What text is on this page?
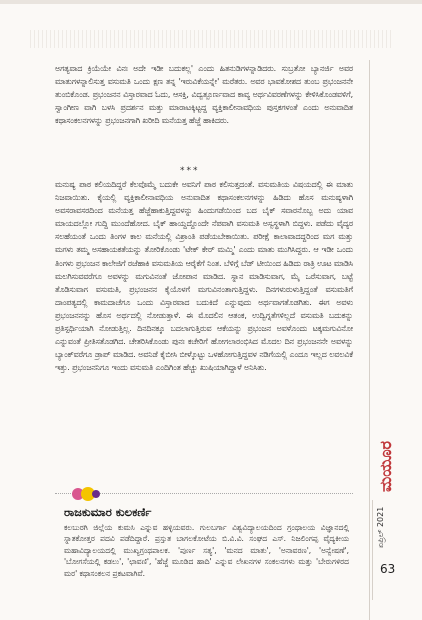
ಅಗತ್ಯವಾದ ಕ್ರಿಯೆಯೇ ವಿನಃ ಅದೇ ಇಡೀ ಬದುಕಲ್ಲ' ಎಂದು ಹಿತನುಡಿಗಳನ್ನಾಡಿದರು. ಸುಬ್ರತೋ ಬ್ಯಾನರ್ಜಿ ಅವರ ಮಾತುಗಳನ್ನಾಲಿಸುತ್ತ ವಸುಮತಿ ಒಂದು ಕ್ಷಣ ತನ್ನ 'ಇರುವಿಕೆಯನ್ನೇ' ಮರೆತರು. ಅವರ ಭಾವಕೋಶದ ತುಂಬ ಪ್ರಭಂಜನನೇ ತುಂಬಿಕೊಂಡ. ಪ್ರಭಂಜನನ ವಿಸ್ತಾರವಾದ ಓದು, ಆಸಕ್ತಿ, ವಿದ್ವತ್ಪೂರ್ಣವಾದ ಕಾವ್ಯ ಅರ್ಥವಿವರಣೆಗಳನ್ನು ಕೇಳಿಸಿಕೊಂಡವಳಿಗೆ, ಸ್ವಾಂಗೀಣ ವಾಗಿ ಬಳಸಿ ಪ್ರದರ್ಶನ ಮತ್ತು ಮಾರಾಟಕ್ಕಿಟ್ಟದ್ದ ವ್ಯಕ್ತಿಕಾಲೀನಾವಧಿಯ ಪುಸ್ತಕಗಳಂತೆ ಎಂದು ಅನುವಾದಿತ ಕಥಾಸಂಕಲನಗಳನ್ನು ಪ್ರಭಂಜನಗಾಗಿ ಖರೀದಿ ಮನೆಯತ್ತ ಹೆಜ್ಜೆ ಹಾಕಿದರು.

***

ಮನುಷ್ಯ ಪಾಠ ಕಲಿಯದಿದ್ದರೆ ಕೆಲವೊಮ್ಮೆ ಬದುಕೇ ಅವನಿಗೆ ಪಾಠ ಕಲಿಸುತ್ತದಂತೆ. ವಸುಮತಿಯ ವಿಷಯದಲ್ಲಿ ಈ ಮಾತು ನಿಜವಾಯಿತು. ಕೈಯಲ್ಲಿ ವ್ಯಕ್ತಿಕಾಲೀನಾವಧಿಯ ಅನುವಾದಿತ ಕಥಾಸಂಕಲನಗಳನ್ನು ಹಿಡಿದು ಹೊಸ ಮನುಷ್ಯಳಾಗಿ ಅವಸರಾವಸರದಿಂದ ಮನೆಯತ್ತ ಹೆಜ್ಜೆಹಾಕುತ್ತಿದ್ದವಳನ್ನು ಹಿಂದುಗಡೆಯಿಂದ ಬದ ಬೈಕ್ ಸವಾರನೊಬ್ಬ ಅದು ಯಾವ ಮಾಯದಲ್ಲೋ ಗುದ್ದಿ ಮುಂದೆಹೋದ. ಬೈಕ್ ಹಾಯ್ದದ್ದೊಂದೇ ನೆಪವಾಗಿ ವಸುಮತಿ ಅಸ್ವಸ್ಥಳಾಗಿ ಬಿದ್ದಳು. ಪಡೆದು ವೈದ್ಯರ ಸಲಹೆಯಂತೆ ಒಂದು ತಿಂಗಳ ಕಾಲ ಮನೆಯಲ್ಲಿ ವಿಶ್ರಾಂತಿ ಪಡೆಯಬೇಕಾಯಿತು. ಪರೀಕ್ಷೆ ಕಾಲಾವಾದದ್ದರಿಂದ ಮಗ ಮತ್ತು ಮಗಳು ತಮ್ಮ ಅಸಹಾಯಕತೆಯನ್ನು ತೋರಿಕೊಂಡು 'ಟೇಕ್ ಕೇರ್ ಮಮ್ಮಿ' ಎಂದು ಮಾತು ಮುಗಿಸಿದ್ದರು. ಆ ಇಡೀ ಒಂದು ತಿಂಗಳು ಪ್ರಭಂಜನ ಕಾಲೇಜಿಗೆ ರಜೆಹಾಕಿ ವಸುಮತಿಯ ಆರೈಕೆಗೆ ನಿಂತ. ಬೆಳಿಗ್ಗೆ ಬೆಡ್ ಟೀಯಿಂದ ಹಿಡಿದು ರಾತ್ರಿ ಊಟ ಮಾಡಿಸಿ ಮಲಗಿಸುವವರೆಗೂ ಅವಳನ್ನು ಮಗುವಿನಂತೆ ಜೋಪಾನ ಮಾಡಿದ. ಸ್ನಾನ ಮಾಡಿಸುವಾಗ, ಮೈ ಒರೆಸುವಾಗ, ಬಟ್ಟೆ ತೊಡಿಸುವಾಗ ವಸುಮತಿ, ಪ್ರಭಂಜನನ ಕೈಯೊಳಗೆ ಮಗುವಿನಂತಾಗುತ್ತಿದ್ದಳು. ದಿನಗಳುರುಳುತ್ತಿದ್ದಂತೆ ವಸುಮತಿಗೆ ದಾಂಪತ್ಯದಲ್ಲಿ ಕಾಮದಾಚೆಗೂ ಒಂದು ವಿಸ್ತಾರವಾದ ಬದುಕಿದೆ ಎನ್ನುವುದು ಅರ್ಥವಾಗತೊಡಗಿತು. ಈಗ ಅವಳು ಪ್ರಭಂಜನನನ್ನು ಹೊಸ ಅರ್ಥದಲ್ಲಿ ನೋಡುತ್ತಾಳೆ. ಈ ಮೊದಲಿನ ಆತಂಕ, ಉದ್ವಿಗ್ನತೆಗಳಿಲ್ಲದೆ ವಸುಮತಿ ಬದುಕನ್ನು ಪ್ರತಿಸ್ಪರ್ಧಿಯಾಗಿ ನೋಡುತ್ತಿಲ್ಲ. ದಿನದಿನಕ್ಕೂ ಬದಲಾಗುತ್ತಿರುವ ಆಕೆಯನ್ನು ಪ್ರಭಂಜನ ಅವಳೊಂದು ಟಕ್ಕಮಗುವಿನೋ ಎನ್ನುವಂತೆ ಪ್ರೀತಿಸತೊಡಗಿದ. ಚೇತರಿಸಿಕೊಂಡು ಪುನಃ ಕಚೇರಿಗೆ ಹೋಗಲಾರಂಭಿಸಿದ ಮೊದಲ ದಿನ ಪ್ರಭಂಜನನೇ ಅವಳನ್ನು ಬ್ಯಾಂಕ್‌ವರೆಗೂ ಡ್ರಾಪ್ ಮಾಡಿದ. ಅವನಿಡೆ ಕೈಬೀಸಿ ಬೀಳ್ಕೊಟ್ಟು ಒಳಹೋಗುತ್ತಿದ್ದವಳ ನಡಿಗೆಯಲ್ಲಿ ಎಂದೂ ಇಲ್ಲದ ಲವಲವಿಕೆ ಇತ್ತು. ಪ್ರಭಂಜನನಿಗೂ ಇಂದು ವಸುಮತಿ ಎಂದಿಗಿಂತ ಹೆಚ್ಚು ಖುಷಿಯಾಗಿದ್ದಾಳೆ ಅನಿಸಿತು.

ರಾಜಕುಮಾರ ಕುಲಕರ್ಣಿ

ಕಲಬುರಗಿ ಜಿಲ್ಲೆಯ ಕುಮಸಿ ಎನ್ನುವ ಹಳ್ಳಿಯವರು. ಗುಲಬರ್ಗಾ ವಿಶ್ವವಿದ್ಯಾಲಯದಿಂದ ಗ್ರಂಥಾಲಯ ವಿಜ್ಞಾನದಲ್ಲಿ ಸ್ನಾತಕೋತ್ತರ ಪದವಿ ಪಡೆದಿದ್ದಾರೆ. ಪ್ರಸ್ತುತ ಬಾಗಲಕೋಟೆಯ ಬಿ.ವಿ.ವಿ. ಸಂಘದ ಎಸ್. ನಿಜಲಿಂಗಪ್ಪ ವೈದ್ಯಕೀಯ ಮಹಾವಿದ್ಯಾಲಯದಲ್ಲಿ ಮುಖ್ಯಗ್ರಂಥಪಾಲಕ. 'ಪುರ್ಣ ಸತ್ಯ', 'ಮನದ ಮಾತು', 'ಅನಾವರಣ', 'ಅನ್ವೇಷಣೆ', 'ಬೋಗಸೆಯಲ್ಲಿ ಕಡಲು', 'ಛಾವಣಿ', 'ಹೆಜ್ಜೆ ಮೂಡಿದ ಹಾದಿ' ಎನ್ನುವ ಲೇಖನಗಳ ಸಂಕಲನಗಳು ಮತ್ತು 'ಬೇರುಗಳಿರದ ಮರ' ಕಥಾಸಂಕಲನ ಪ್ರಕಟವಾಗಿವೆ.

ಮಯೂರ
ಏಪ್ರಿಲ್ 2021
63
